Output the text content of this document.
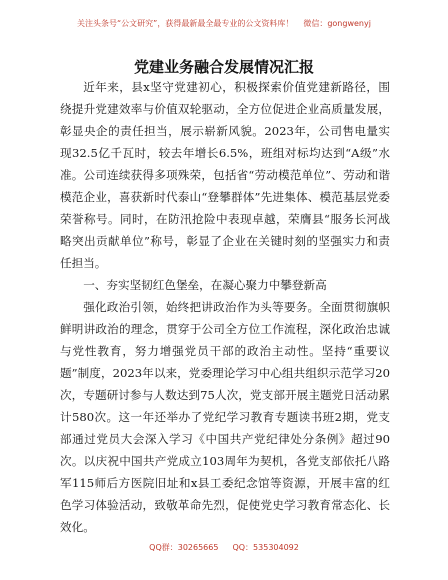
关注头条号“公文研究”，获得最新最全最专业的公文资料库！ 微信：gongwenyj
党建业务融合发展情况汇报

近年来，县x坚守党建初心，积极探索价值党建新路径，围绕提升党建效率与价值双轮驱动，全方位促进企业高质量发展，彰显央企的责任担当，展示崭新风貌。2023年，公司售电量实现32.5亿千瓦时，较去年增长6.5%，班组对标均达到“A级”水准。公司连续获得多项殊荣，包括省“劳动模范单位”、劳动和谐模范企业，喜获新时代泰山“登攀群体”先进集体、模范基层党委荣誉称号。同时，在防汛抢险中表现卓越，荣膺县“服务长河战略突出贡献单位”称号，彰显了企业在关键时刻的坚强实力和责任担当。

一、夯实坚韧红色堡垒，在凝心聚力中攀登新高

强化政治引领，始终把讲政治作为头等要务。全面贯彻旗帜鲜明讲政治的理念，贯穿于公司全方位工作流程，深化政治忠诚与党性教育，努力增强党员干部的政治主动性。坚持“重要议题”制度，2023年以来，党委理论学习中心组共组织示范学习20次，专题研讨参与人数达到75人次，党支部开展主题党日活动累计580次。这一年还举办了党纪学习教育专题读书班2期，党支部通过党员大会深入学习《中国共产党纪律处分条例》超过90次。以庆祝中国共产党成立103周年为契机，各党支部依托八路军115师后方医院旧址和x县工委纪念馆等资源，开展丰富的红色学习体验活动，致敬革命先烈，促使党史学习教育常态化、长效化。

QQ群：30265665 QQ：535304092
